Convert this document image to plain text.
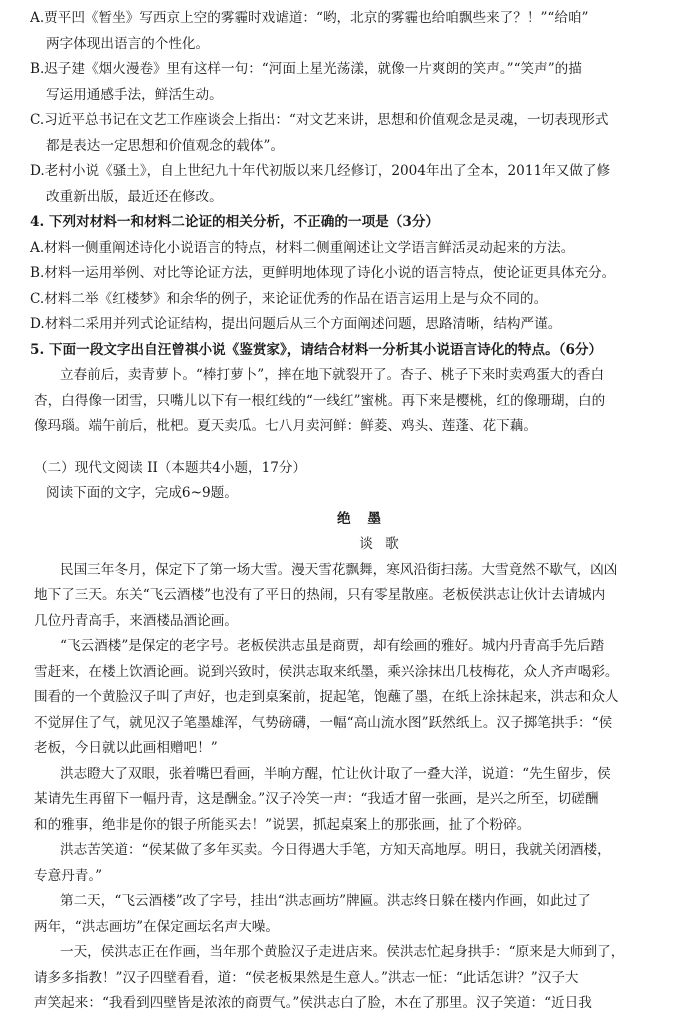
A.贾平凹《暂坐》写西京上空的雾霾时戏谑道：“哟，北京的雾霾也给咱飘些来了？！”“给咱”
两字体现出语言的个性化。
B.迟子建《烟火漫卷》里有这样一句：“河面上星光荡漾，就像一片爽朗的笑声。”“笑声”的描
写运用通感手法，鲜活生动。
C.习近平总书记在文艺工作座谈会上指出：“对文艺来讲，思想和价值观念是灵魂，一切表现形式
都是表达一定思想和价值观念的载体”。
D.老村小说《骚土》，自上世纪九十年代初版以来几经修订，2004年出了全本，2011年又做了修
改重新出版，最近还在修改。
4. 下列对材料一和材料二论证的相关分析，不正确的一项是（3分）
A.材料一侧重阐述诗化小说语言的特点，材料二侧重阐述让文学语言鲜活灵动起来的方法。
B.材料一运用举例、对比等论证方法，更鲜明地体现了诗化小说的语言特点，使论证更具体充分。
C.材料二举《红楼梦》和余华的例子，来论证优秀的作品在语言运用上是与众不同的。
D.材料二采用并列式论证结构，提出问题后从三个方面阐述问题，思路清晰，结构严谨。
5. 下面一段文字出自汪曾祺小说《鉴赏家》，请结合材料一分析其小说语言诗化的特点。（6分）
立春前后，卖青萝卜。“棒打萝卜”，摔在地下就裂开了。杏子、桃子下来时卖鸡蛋大的香白
杏，白得像一团雪，只嘴儿以下有一根红线的“一线红”蜜桃。再下来是樱桃，红的像珊瑚，白的
像玛瑙。端午前后，枇杷。夏天卖瓜。七八月卖河鲜：鲜菱、鸡头、莲蓬、花下藕。
（二）现代文阅读 II（本题共4小题，17分）
阅读下面的文字，完成6~9题。
绝 墨
谈 歌
民国三年冬月，保定下了第一场大雪。漫天雪花飘舞，寒风沿街扫荡。大雪竟然不歇气，凶凶
地下了三天。东关“飞云酒楼”也没有了平日的热闹，只有零星散座。老板侯洪志让伙计去请城内
几位丹青高手，来酒楼品酒论画。
“飞云酒楼”是保定的老字号。老板侯洪志虽是商贾，却有绘画的雅好。城内丹青高手先后踏
雪赶来，在楼上饮酒论画。说到兴致时，侯洪志取来纸墨，乘兴涂抹出几枝梅花，众人齐声喝彩。
围看的一个黄脸汉子叫了声好，也走到桌案前，捉起笔，饱蘸了墨，在纸上涂抹起来，洪志和众人
不觉屏住了气，就见汉子笔墨雄浑，气势磅礴，一幅“高山流水图”跃然纸上。汉子掷笔拱手：“侯
老板，今日就以此画相赠吧！”
洪志瞪大了双眼，张着嘴巴看画，半晌方醒，忙让伙计取了一叠大洋，说道：“先生留步，侯
某请先生再留下一幅丹青，这是酬金。”汉子冷笑一声：“我适才留一张画，是兴之所至，切磋酬
和的雅事，绝非是你的银子所能买去！”说罢，抓起桌案上的那张画，扯了个粉碎。
洪志苦笑道：“侯某做了多年买卖。今日得遇大手笔，方知天高地厚。明日，我就关闭酒楼，
专意丹青。”
第二天，“飞云酒楼”改了字号，挂出“洪志画坊”牌匾。洪志终日躲在楼内作画，如此过了
两年，“洪志画坊”在保定画坛名声大噪。
一天，侯洪志正在作画，当年那个黄脸汉子走进店来。侯洪志忙起身拱手：“原来是大师到了，
请多多指教！”汉子四壁看看，道：“侯老板果然是生意人。”洪志一怔：“此话怎讲？”汉子大
声笑起来：“我看到四壁皆是浓浓的商贾气。”侯洪志白了脸，木在了那里。汉子笑道：“近日我
